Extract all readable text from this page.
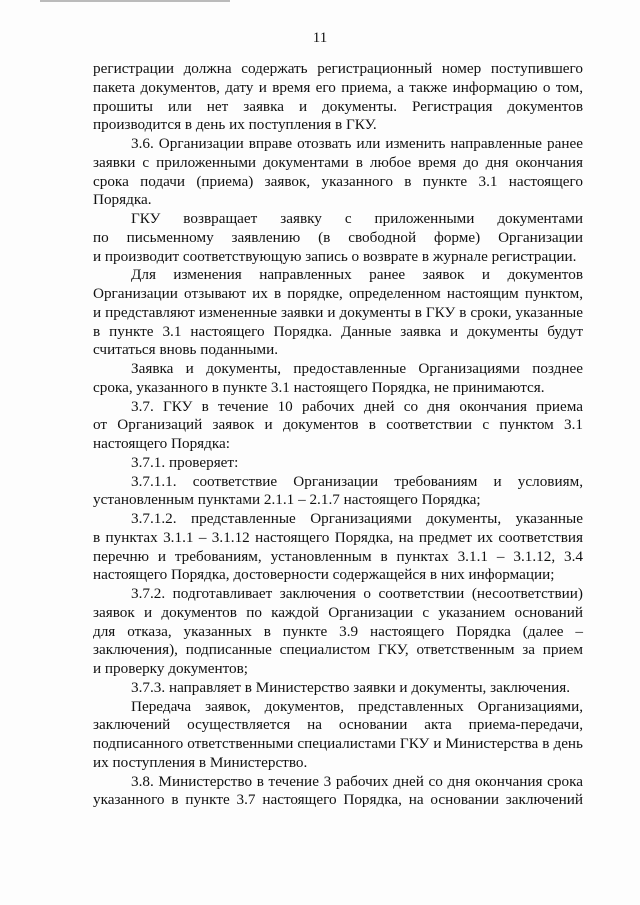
11
регистрации должна содержать регистрационный номер поступившего
пакета документов, дату и время его приема, а также информацию о том,
прошиты или нет заявка и документы. Регистрация документов
производится в день их поступления в ГКУ.
3.6. Организации вправе отозвать или изменить направленные ранее
заявки с приложенными документами в любое время до дня окончания
срока подачи (приема) заявок, указанного в пункте 3.1 настоящего
Порядка.
ГКУ возвращает заявку с приложенными документами
по письменному заявлению (в свободной форме) Организации
и производит соответствующую запись о возврате в журнале регистрации.
Для изменения направленных ранее заявок и документов
Организации отзывают их в порядке, определенном настоящим пунктом,
и представляют измененные заявки и документы в ГКУ в сроки, указанные
в пункте 3.1 настоящего Порядка. Данные заявка и документы будут
считаться вновь поданными.
Заявка и документы, предоставленные Организациями позднее
срока, указанного в пункте 3.1 настоящего Порядка, не принимаются.
3.7. ГКУ в течение 10 рабочих дней со дня окончания приема
от Организаций заявок и документов в соответствии с пунктом 3.1
настоящего Порядка:
3.7.1. проверяет:
3.7.1.1. соответствие Организации требованиям и условиям,
установленным пунктами 2.1.1 – 2.1.7 настоящего Порядка;
3.7.1.2. представленные Организациями документы, указанные
в пунктах 3.1.1 – 3.1.12 настоящего Порядка, на предмет их соответствия
перечню и требованиям, установленным в пунктах 3.1.1 – 3.1.12, 3.4
настоящего Порядка, достоверности содержащейся в них информации;
3.7.2. подготавливает заключения о соответствии (несоответствии)
заявок и документов по каждой Организации с указанием оснований
для отказа, указанных в пункте 3.9 настоящего Порядка (далее –
заключения), подписанные специалистом ГКУ, ответственным за прием
и проверку документов;
3.7.3. направляет в Министерство заявки и документы, заключения.
Передача заявок, документов, представленных Организациями,
заключений осуществляется на основании акта приема-передачи,
подписанного ответственными специалистами ГКУ и Министерства в день
их поступления в Министерство.
3.8. Министерство в течение 3 рабочих дней со дня окончания срока
указанного в пункте 3.7 настоящего Порядка, на основании заключений
